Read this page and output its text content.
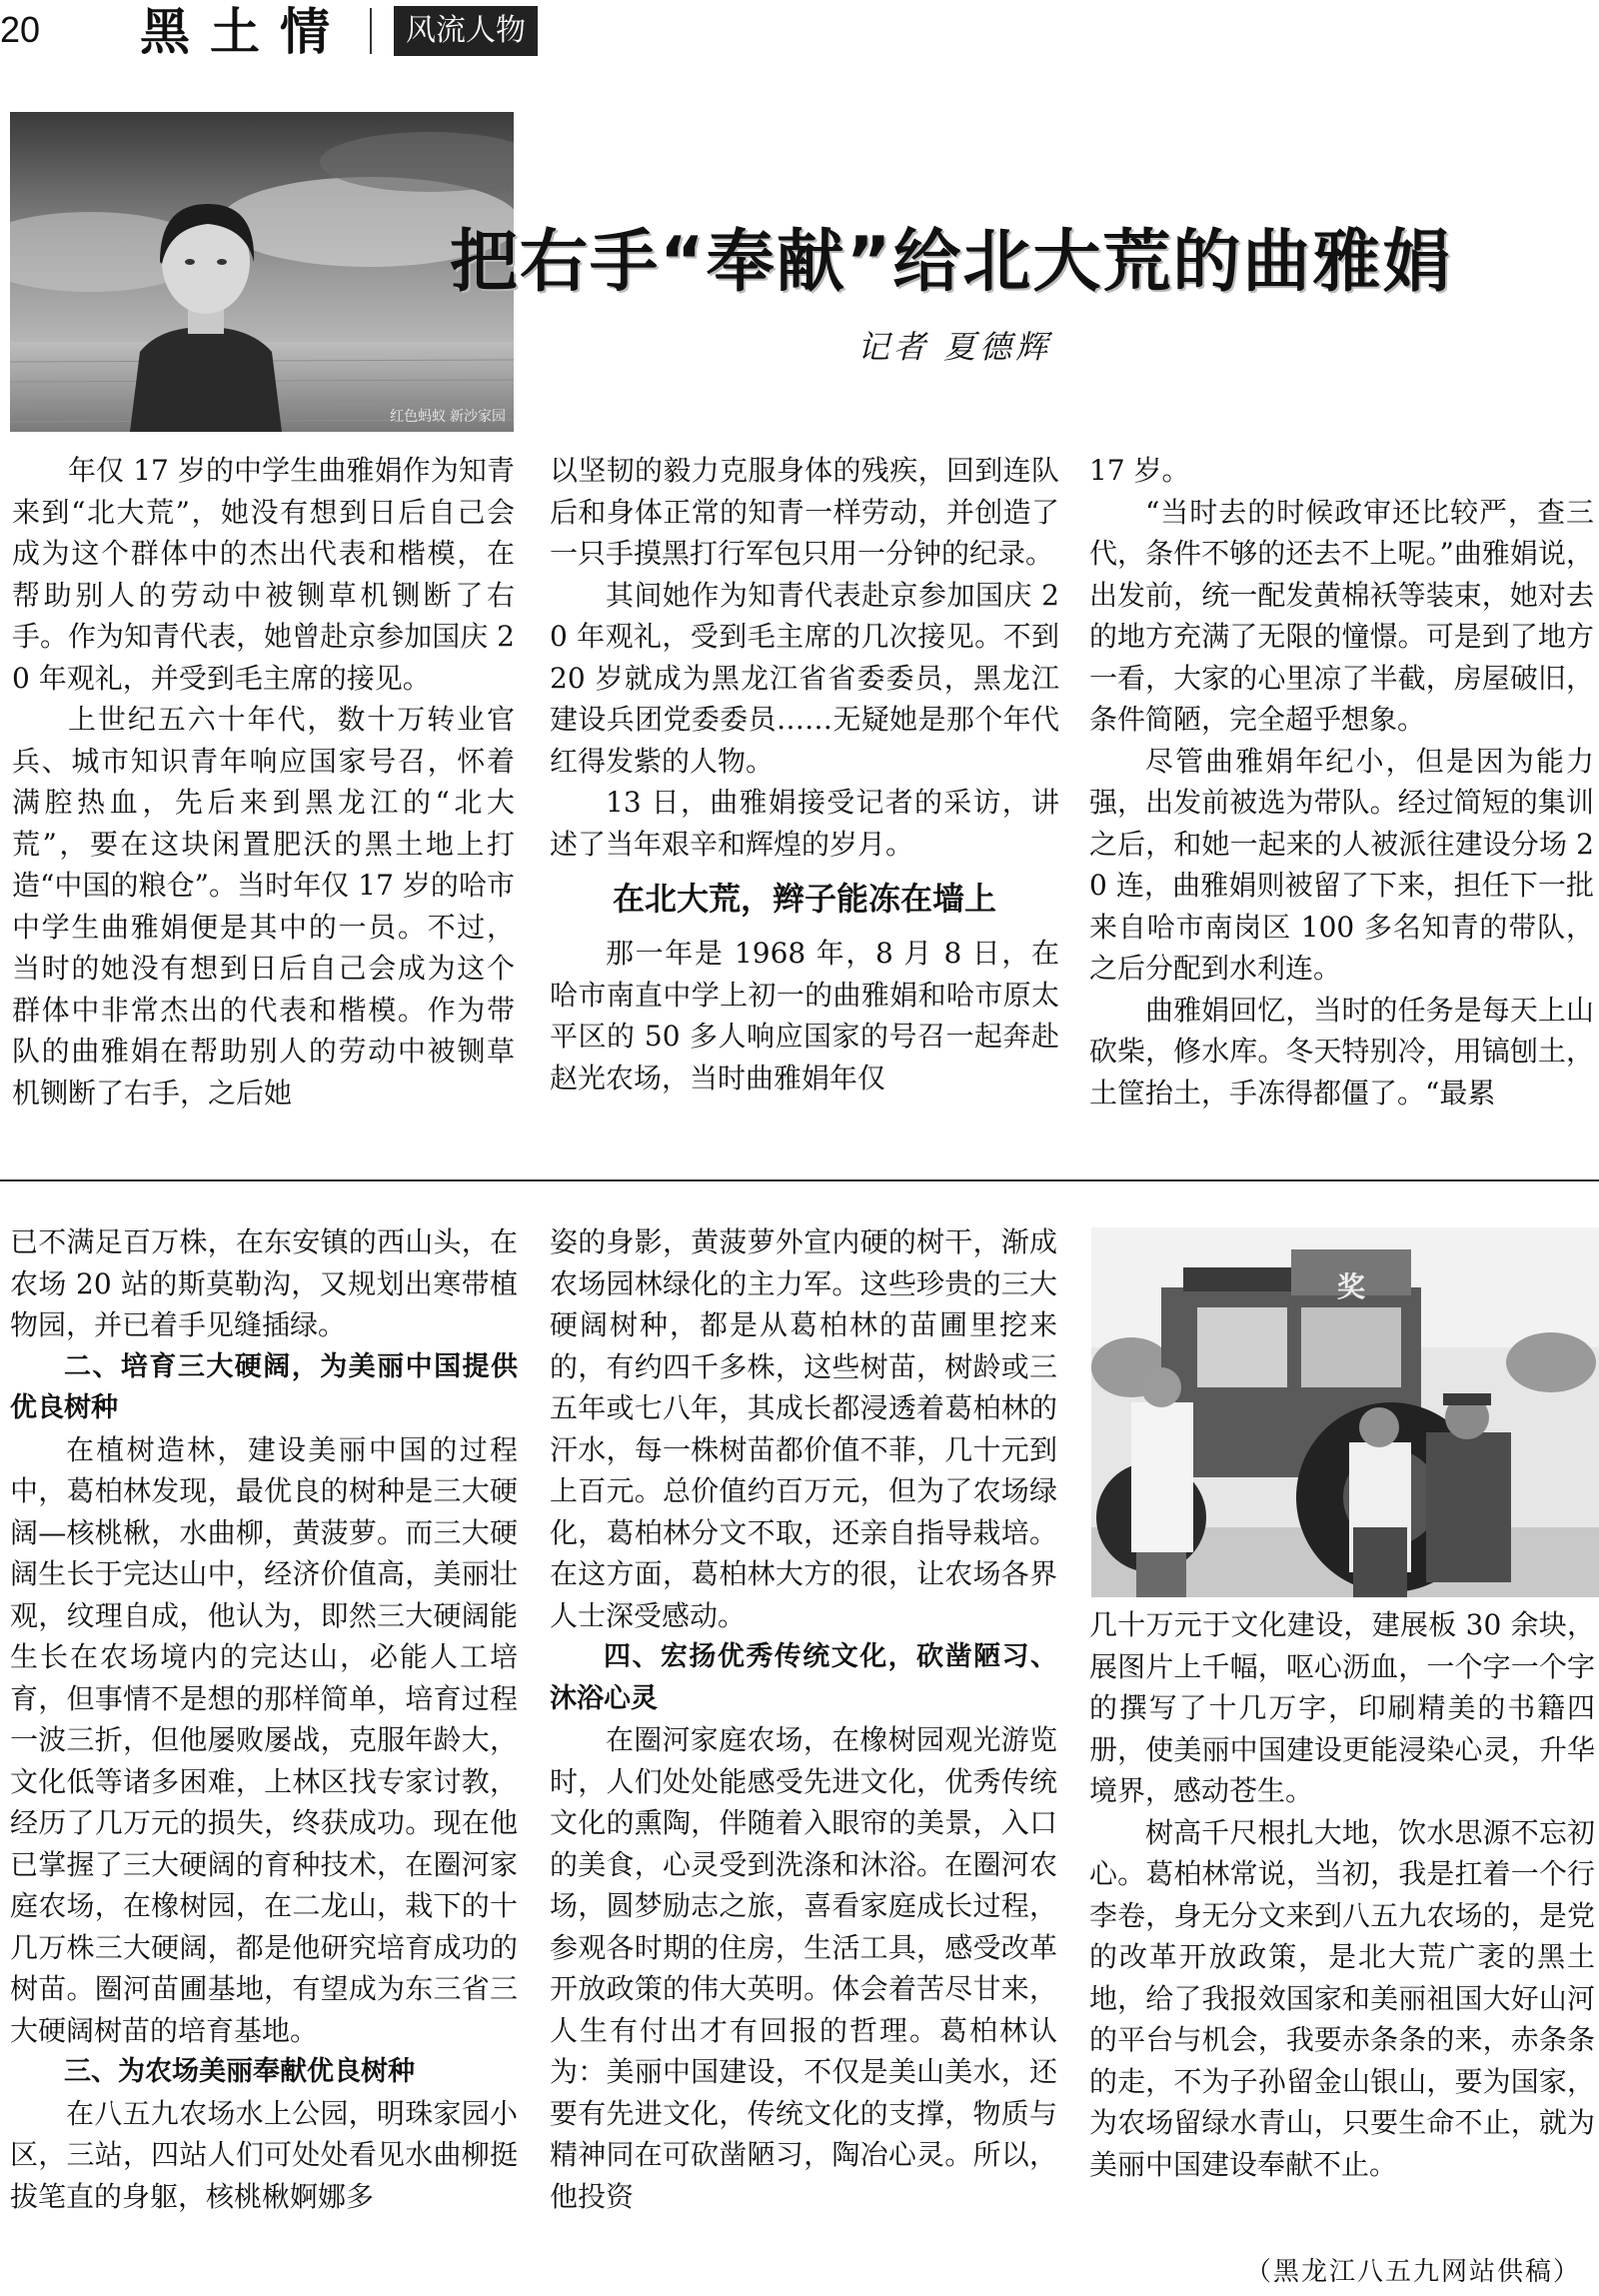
20 黑土情	风流人物
红色蚂蚁 新沙家园
把右手“奉献”给北大荒的曲雅娟
记者 夏德辉

年仅 17 岁的中学生曲雅娟作为知青来到“北大荒”，她没有想到日后自己会成为这个群体中的杰出代表和楷模，在帮助别人的劳动中被铡草机铡断了右手。作为知青代表，她曾赴京参加国庆 20 年观礼，并受到毛主席的接见。

上世纪五六十年代，数十万转业官兵、城市知识青年响应国家号召，怀着满腔热血，先后来到黑龙江的“北大荒”，要在这块闲置肥沃的黑土地上打造“中国的粮仓”。当时年仅 17 岁的哈市中学生曲雅娟便是其中的一员。不过，当时的她没有想到日后自己会成为这个群体中非常杰出的代表和楷模。作为带队的曲雅娟在帮助别人的劳动中被铡草机铡断了右手，之后她

以坚韧的毅力克服身体的残疾，回到连队后和身体正常的知青一样劳动，并创造了一只手摸黑打行军包只用一分钟的纪录。

其间她作为知青代表赴京参加国庆 20 年观礼，受到毛主席的几次接见。不到 20 岁就成为黑龙江省省委委员，黑龙江建设兵团党委委员……无疑她是那个年代红得发紫的人物。

13 日，曲雅娟接受记者的采访，讲述了当年艰辛和辉煌的岁月。

在北大荒，辫子能冻在墙上

那一年是 1968 年，8 月 8 日，在哈市南直中学上初一的曲雅娟和哈市原太平区的 50 多人响应国家的号召一起奔赴赵光农场，当时曲雅娟年仅

17 岁。

“当时去的时候政审还比较严，查三代，条件不够的还去不上呢。”曲雅娟说，出发前，统一配发黄棉袄等装束，她对去的地方充满了无限的憧憬。可是到了地方一看，大家的心里凉了半截，房屋破旧，条件简陋，完全超乎想象。

尽管曲雅娟年纪小，但是因为能力强，出发前被选为带队。经过简短的集训之后，和她一起来的人被派往建设分场 20 连，曲雅娟则被留了下来，担任下一批来自哈市南岗区 100 多名知青的带队，之后分配到水利连。

曲雅娟回忆，当时的任务是每天上山砍柴，修水库。冬天特别冷，用镐刨土，土筐抬土，手冻得都僵了。“最累

已不满足百万株，在东安镇的西山头，在农场 20 站的斯莫勒沟，又规划出寒带植物园，并已着手见缝插绿。

二、培育三大硬阔，为美丽中国提供优良树种

在植树造林，建设美丽中国的过程中，葛柏林发现，最优良的树种是三大硬阔—核桃楸，水曲柳，黄菠萝。而三大硬阔生长于完达山中，经济价值高，美丽壮观，纹理自成，他认为，即然三大硬阔能生长在农场境内的完达山，必能人工培育，但事情不是想的那样简单，培育过程一波三折，但他屡败屡战，克服年龄大，文化低等诸多困难，上林区找专家讨教，经历了几万元的损失，终获成功。现在他已掌握了三大硬阔的育种技术，在圈河家庭农场，在橡树园，在二龙山，栽下的十几万株三大硬阔，都是他研究培育成功的树苗。圈河苗圃基地，有望成为东三省三大硬阔树苗的培育基地。

三、为农场美丽奉献优良树种

在八五九农场水上公园，明珠家园小区，三站，四站人们可处处看见水曲柳挺拔笔直的身躯，核桃楸婀娜多

姿的身影，黄菠萝外宣内硬的树干，渐成农场园林绿化的主力军。这些珍贵的三大硬阔树种，都是从葛柏林的苗圃里挖来的，有约四千多株，这些树苗，树龄或三五年或七八年，其成长都浸透着葛柏林的汗水，每一株树苗都价值不菲，几十元到上百元。总价值约百万元，但为了农场绿化，葛柏林分文不取，还亲自指导栽培。在这方面，葛柏林大方的很，让农场各界人士深受感动。

四、宏扬优秀传统文化，砍凿陋习、沐浴心灵

在圈河家庭农场，在橡树园观光游览时，人们处处能感受先进文化，优秀传统文化的熏陶，伴随着入眼帘的美景，入口的美食，心灵受到洗涤和沐浴。在圈河农场，圆梦励志之旅，喜看家庭成长过程，参观各时期的住房，生活工具，感受改革开放政策的伟大英明。体会着苦尽甘来，人生有付出才有回报的哲理。葛柏林认为：美丽中国建设，不仅是美山美水，还要有先进文化，传统文化的支撑，物质与精神同在可砍凿陋习，陶冶心灵。所以，他投资

奖

几十万元于文化建设，建展板 30 余块，展图片上千幅，呕心沥血，一个字一个字的撰写了十几万字，印刷精美的书籍四册，使美丽中国建设更能浸染心灵，升华境界，感动苍生。

树高千尺根扎大地，饮水思源不忘初心。葛柏林常说，当初，我是扛着一个行李卷，身无分文来到八五九农场的，是党的改革开放政策，是北大荒广袤的黑土地，给了我报效国家和美丽祖国大好山河的平台与机会，我要赤条条的来，赤条条的走，不为子孙留金山银山，要为国家，为农场留绿水青山，只要生命不止，就为美丽中国建设奉献不止。

（黑龙江八五九网站供稿）
